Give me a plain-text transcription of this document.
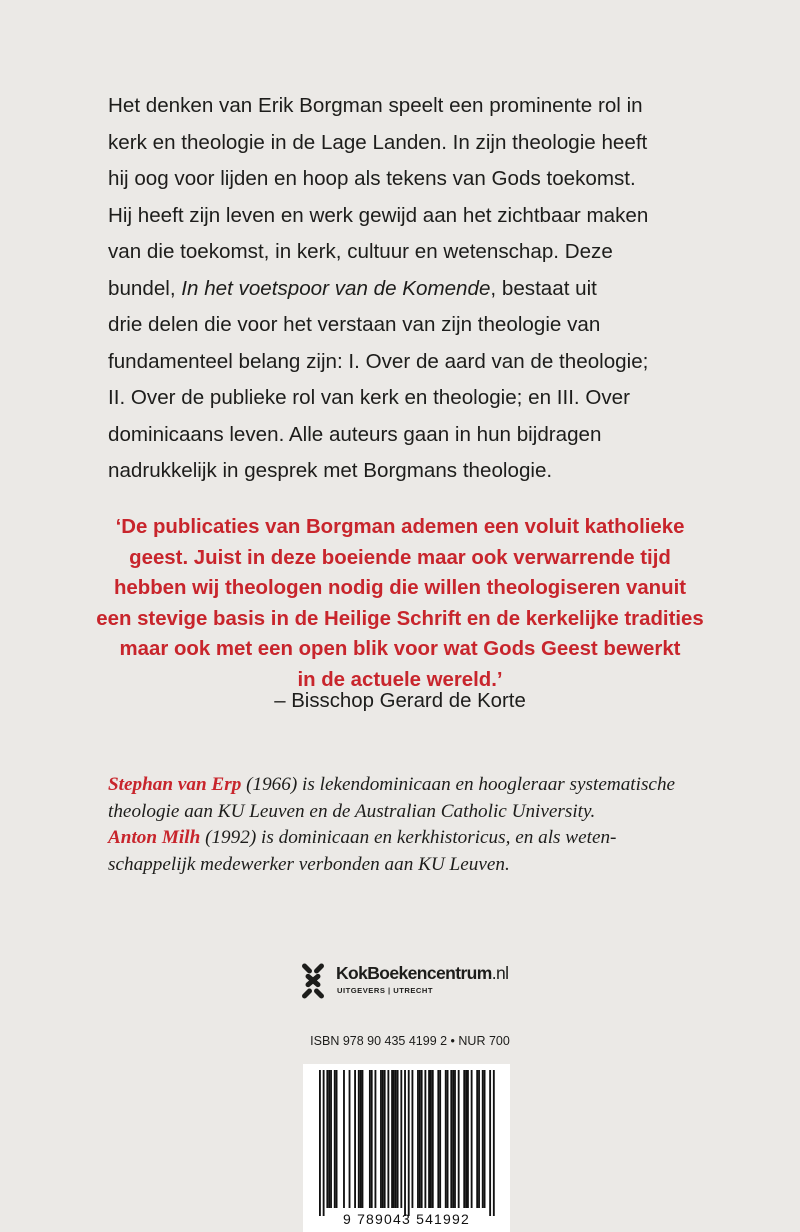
Het denken van Erik Borgman speelt een prominente rol in
kerk en theologie in de Lage Landen. In zijn theologie heeft
hij oog voor lijden en hoop als tekens van Gods toekomst.
Hij heeft zijn leven en werk gewijd aan het zichtbaar maken
van die toekomst, in kerk, cultuur en wetenschap. Deze
bundel, In het voetspoor van de Komende, bestaat uit
drie delen die voor het verstaan van zijn theologie van
fundamenteel belang zijn: I. Over de aard van de theologie;
II. Over de publieke rol van kerk en theologie; en III. Over
dominicaans leven. Alle auteurs gaan in hun bijdragen
nadrukkelijk in gesprek met Borgmans theologie.

‘De publicaties van Borgman ademen een voluit katholieke
geest. Juist in deze boeiende maar ook verwarrende tijd
hebben wij theologen nodig die willen theologiseren vanuit
een stevige basis in de Heilige Schrift en de kerkelijke tradities
maar ook met een open blik voor wat Gods Geest bewerkt
in de actuele wereld.’

– Bisschop Gerard de Korte

Stephan van Erp (1966) is lekendominicaan en hoogleraar systematische
theologie aan KU Leuven en de Australian Catholic University.
Anton Milh (1992) is dominicaan en kerkhistoricus, en als weten-
schappelijk medewerker verbonden aan KU Leuven.

KokBoekencentrum.nl
UITGEVERS | UTRECHT
ISBN 978 90 435 4199 2 • NUR 700
9 789043 541992
